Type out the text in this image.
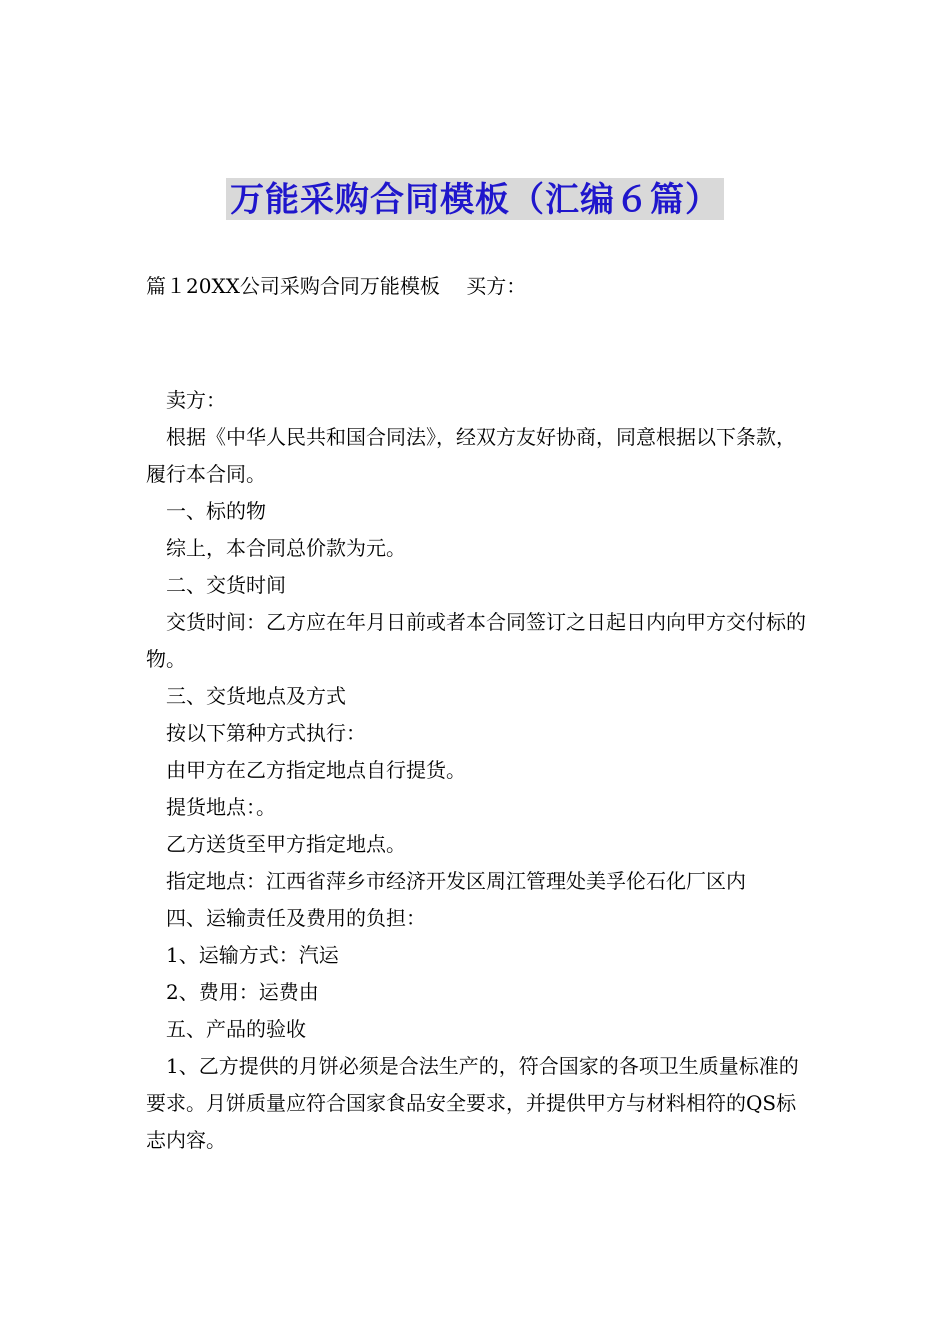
万能采购合同模板（汇编６篇）
篇１20XX公司采购合同万能模板　 买方：

卖方：

根据《中华人民共和国合同法》，经双方友好协商，同意根据以下条款，履行本合同。

一、标的物

综上，本合同总价款为元。

二、交货时间

交货时间：乙方应在年月日前或者本合同签订之日起日内向甲方交付标的物。

三、交货地点及方式

按以下第种方式执行：

由甲方在乙方指定地点自行提货。

提货地点：。

乙方送货至甲方指定地点。

指定地点：江西省萍乡市经济开发区周江管理处美孚伦石化厂区内

四、运输责任及费用的负担：

1、运输方式：汽运

2、费用：运费由

五、产品的验收

1、乙方提供的月饼必须是合法生产的，符合国家的各项卫生质量标准的要求。月饼质量应符合国家食品安全要求，并提供甲方与材料相符的QS标志内容。
